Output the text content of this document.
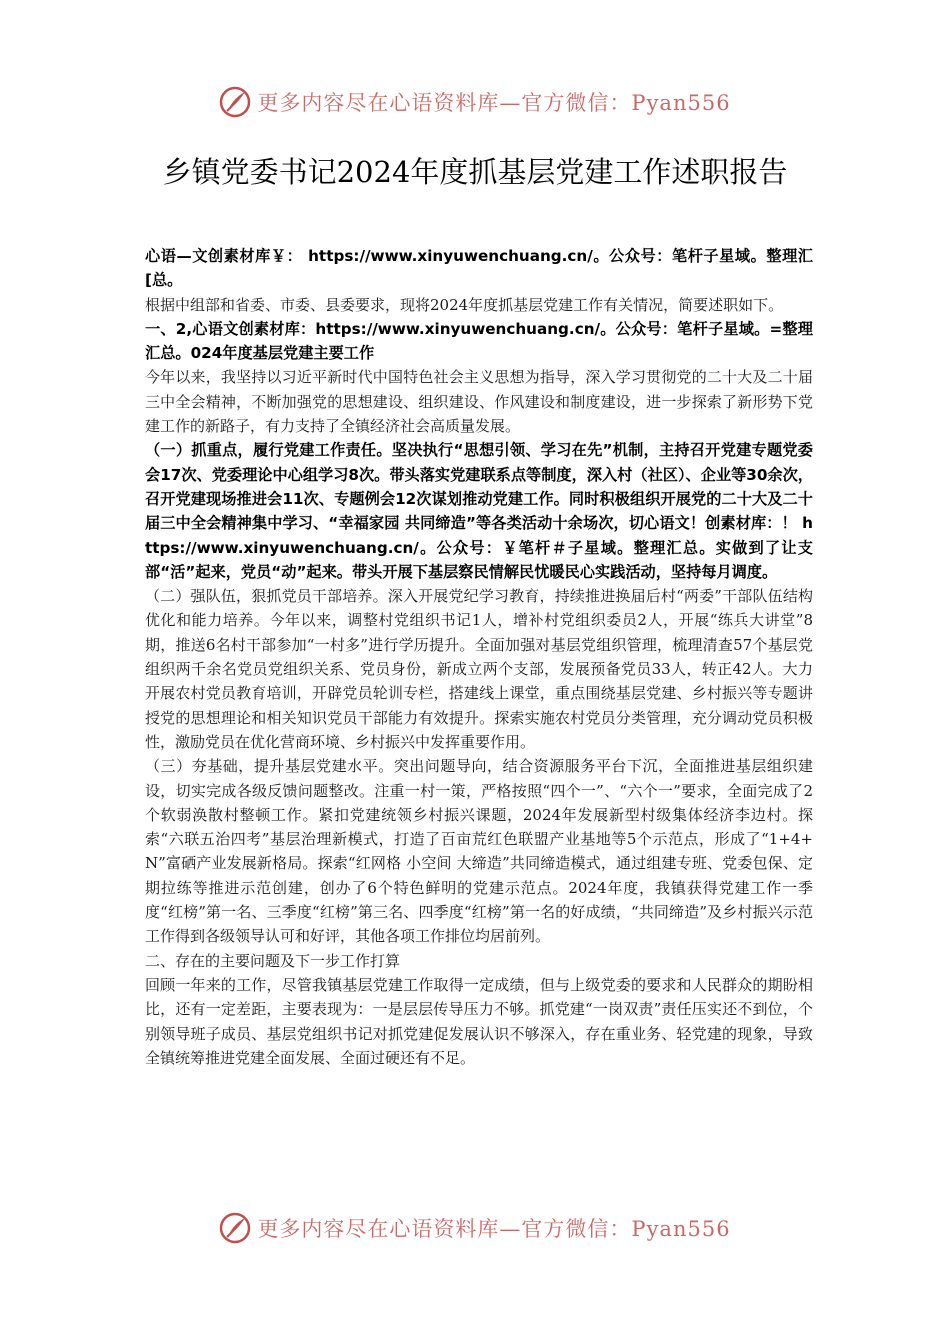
更多内容尽在心语资料库—官方微信：Pyan556
乡镇党委书记2024年度抓基层党建工作述职报告

心语—文创素材库￥： https://www.xinyuwenchuang.cn/。公众号：笔杆子星域。整理汇[总。

根据中组部和省委、市委、县委要求，现将2024年度抓基层党建工作有关情况，简要述职如下。

一、2,心语文创素材库：https://www.xinyuwenchuang.cn/。公众号：笔杆子星域。=整理汇总。024年度基层党建主要工作

今年以来，我坚持以习近平新时代中国特色社会主义思想为指导，深入学习贯彻党的二十大及二十届三中全会精神，不断加强党的思想建设、组织建设、作风建设和制度建设，进一步探索了新形势下党建工作的新路子，有力支持了全镇经济社会高质量发展。

（一）抓重点，履行党建工作责任。坚决执行“思想引领、学习在先”机制，主持召开党建专题党委会17次、党委理论中心组学习8次。带头落实党建联系点等制度，深入村（社区）、企业等30余次，召开党建现场推进会11次、专题例会12次谋划推动党建工作。同时积极组织开展党的二十大及二十届三中全会精神集中学习、“幸福家园 共同缔造”等各类活动十余场次，切心语文！创素材库：！ https://www.xinyuwenchuang.cn/。公众号：￥笔杆＃子星域。整理汇总。实做到了让支部“活”起来，党员“动”起来。带头开展下基层察民情解民忧暖民心实践活动，坚持每月调度。

（二）强队伍，狠抓党员干部培养。深入开展党纪学习教育，持续推进换届后村“两委”干部队伍结构优化和能力培养。今年以来，调整村党组织书记1人，增补村党组织委员2人，开展“练兵大讲堂”8期，推送6名村干部参加“一村多”进行学历提升。全面加强对基层党组织管理，梳理清查57个基层党组织两千余名党员党组织关系、党员身份，新成立两个支部，发展预备党员33人，转正42人。大力开展农村党员教育培训，开辟党员轮训专栏，搭建线上课堂，重点围绕基层党建、乡村振兴等专题讲授党的思想理论和相关知识党员干部能力有效提升。探索实施农村党员分类管理，充分调动党员积极性，激励党员在优化营商环境、乡村振兴中发挥重要作用。

（三）夯基础，提升基层党建水平。突出问题导向，结合资源服务平台下沉，全面推进基层组织建设，切实完成各级反馈问题整改。注重一村一策，严格按照“四个一”、“六个一”要求，全面完成了2个软弱涣散村整顿工作。紧扣党建统领乡村振兴课题，2024年发展新型村级集体经济李边村。探索“六联五治四考”基层治理新模式，打造了百亩荒红色联盟产业基地等5个示范点，形成了“1+4+N”富硒产业发展新格局。探索“红网格 小空间 大缔造”共同缔造模式，通过组建专班、党委包保、定期拉练等推进示范创建，创办了6个特色鲜明的党建示范点。2024年度，我镇获得党建工作一季度“红榜”第一名、三季度“红榜”第三名、四季度“红榜”第一名的好成绩，“共同缔造”及乡村振兴示范工作得到各级领导认可和好评，其他各项工作排位均居前列。

二、存在的主要问题及下一步工作打算

回顾一年来的工作，尽管我镇基层党建工作取得一定成绩，但与上级党委的要求和人民群众的期盼相比，还有一定差距，主要表现为：一是层层传导压力不够。抓党建“一岗双责”责任压实还不到位，个别领导班子成员、基层党组织书记对抓党建促发展认识不够深入，存在重业务、轻党建的现象，导致全镇统筹推进党建全面发展、全面过硬还有不足。

更多内容尽在心语资料库—官方微信：Pyan556
